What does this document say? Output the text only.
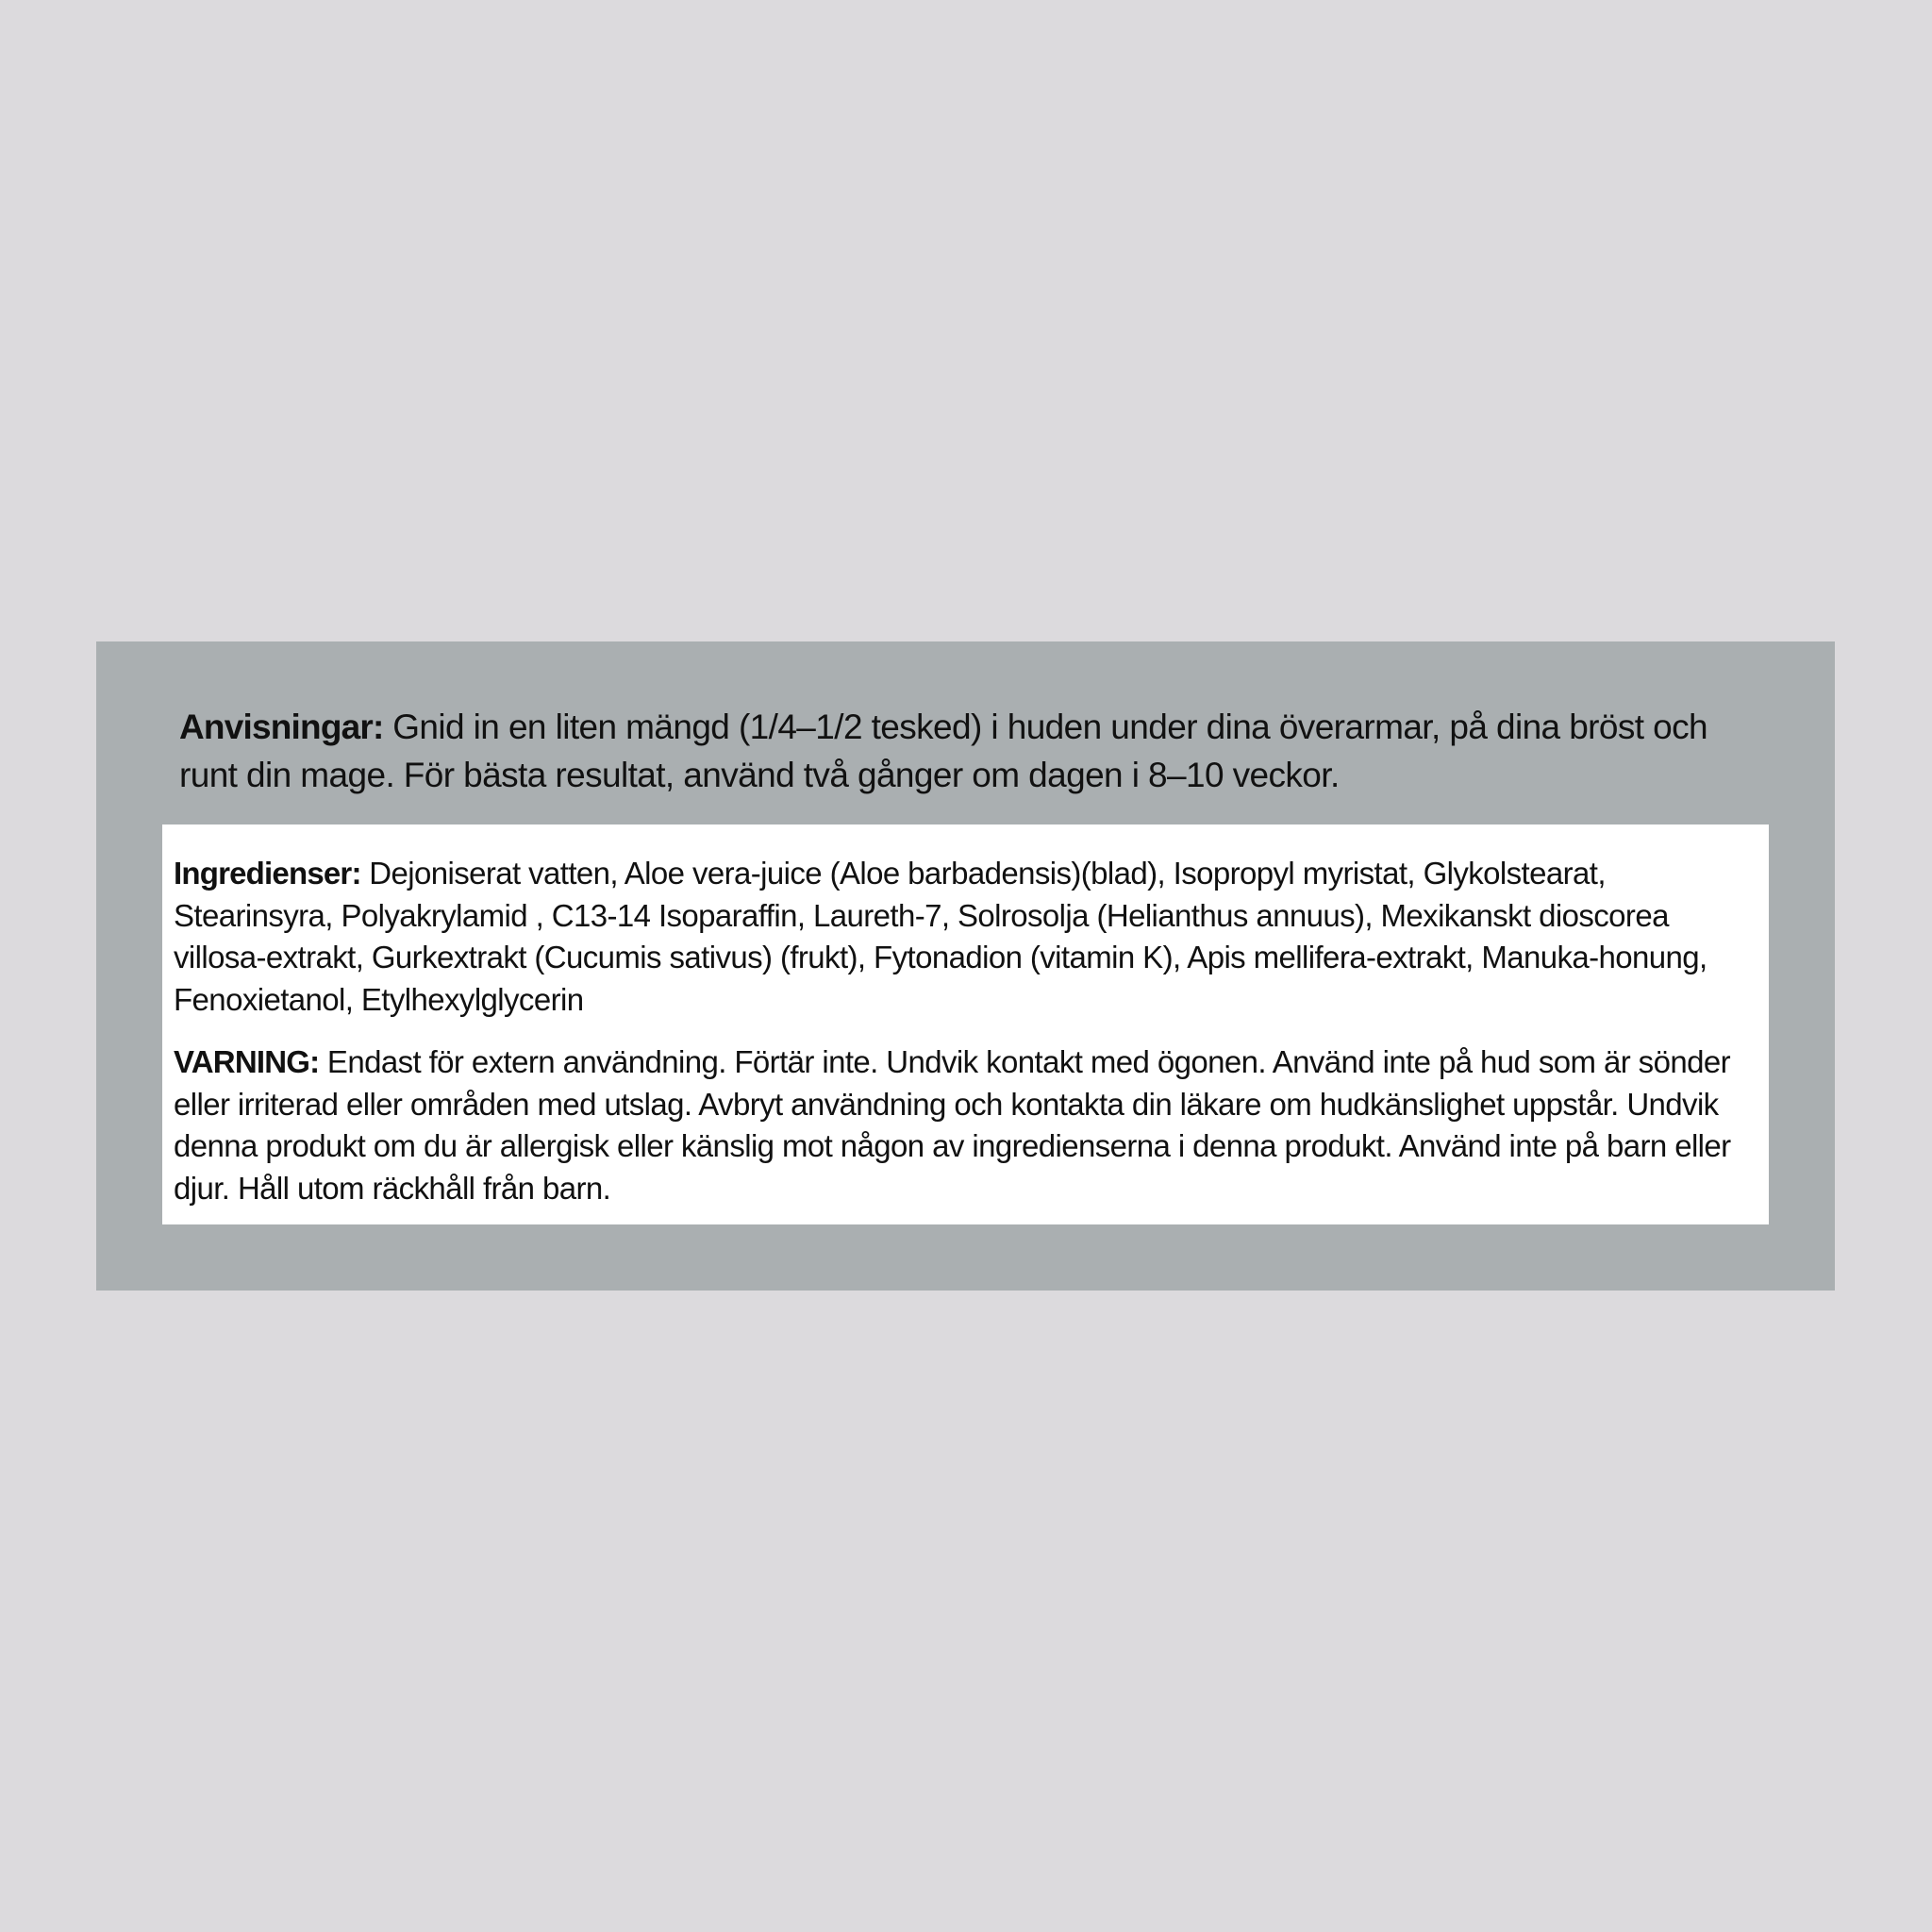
Anvisningar: Gnid in en liten mängd (1/4–1/2 tesked) i huden under dina överarmar, på dina bröst och runt din mage. För bästa resultat, använd två gånger om dagen i 8–10 veckor.

Ingredienser: Dejoniserat vatten, Aloe vera-juice (Aloe barbadensis)(blad), Isopropyl myristat, Glykolstearat, Stearinsyra, Polyakrylamid , C13-14 Isoparaffin, Laureth-7, Solrosolja (Helianthus annuus), Mexikanskt dioscorea villosa-extrakt, Gurkextrakt (Cucumis sativus) (frukt), Fytonadion (vitamin K), Apis mellifera-extrakt, Manuka-honung, Fenoxietanol, Etylhexylglycerin

VARNING: Endast för extern användning. Förtär inte. Undvik kontakt med ögonen. Använd inte på hud som är sönder eller irriterad eller områden med utslag. Avbryt användning och kontakta din läkare om hudkänslighet uppstår. Undvik denna produkt om du är allergisk eller känslig mot någon av ingredienserna i denna produkt. Använd inte på barn eller djur. Håll utom räckhåll från barn.
